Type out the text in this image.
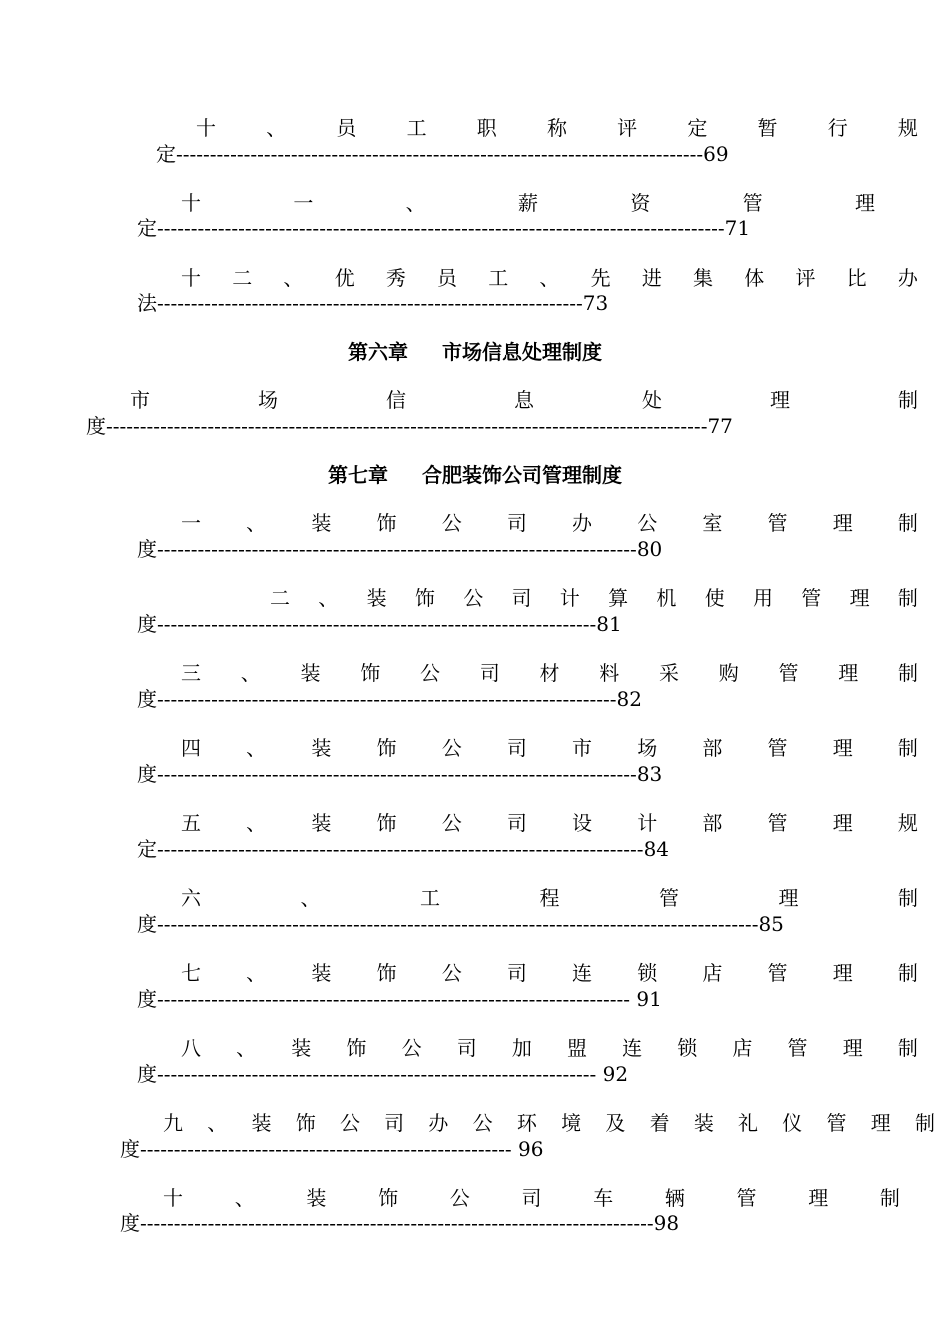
十	、	员	工	职	称	评	定	暂	行	规
定------------------------------------------------------------------------------69
十	一	、	薪	资	管	理
定------------------------------------------------------------------------------------71
十 二 、 优 秀 员 工 、 先 进 集 体 评 比 办
法---------------------------------------------------------------73
第六章 市场信息处理制度
市	场	信	息	处	理	制
度-----------------------------------------------------------------------------------------77
第七章 合肥装饰公司管理制度
一 、 装 饰 公 司 办 公 室 管 理 制
度-----------------------------------------------------------------------80
二 、 装 饰 公 司 计 算 机 使 用 管 理 制
度-----------------------------------------------------------------81
三 、 装 饰 公 司 材 料 采 购 管 理 制
度--------------------------------------------------------------------82
四 、 装 饰 公 司 市 场 部 管 理 制
度-----------------------------------------------------------------------83
五 、 装 饰 公 司 设 计 部 管 理 规
定------------------------------------------------------------------------84
六	、	工	程	管	理	制
度-----------------------------------------------------------------------------------------85
七 、 装 饰 公 司 连 锁 店 管 理 制
度---------------------------------------------------------------------- 91
八 、 装 饰 公 司 加 盟 连 锁 店 管 理 制
度----------------------------------------------------------------- 92
九 、 装 饰 公 司 办 公 环 境 及 着 装 礼 仪 管 理 制
度------------------------------------------------------- 96
十	、	装	饰	公	司	车	辆	管	理	制
度----------------------------------------------------------------------------98
